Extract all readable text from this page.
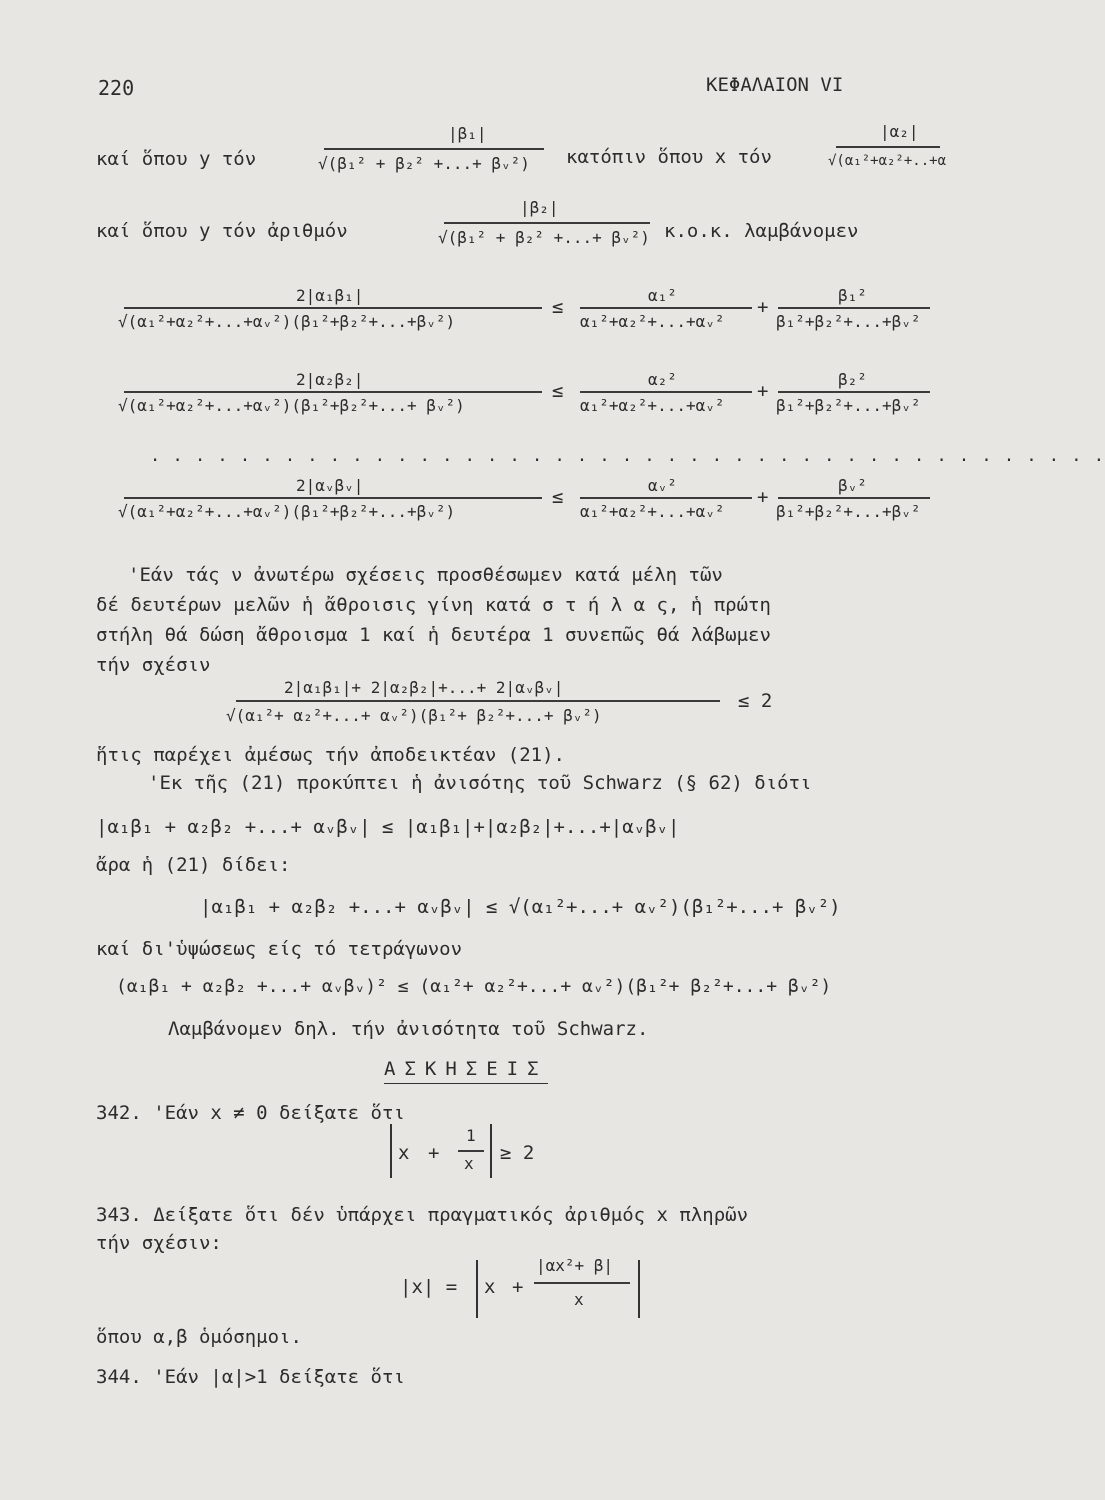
220	ΚΕΦΑΛΑΙΟΝ VI
καί ὅπου y τόν
|β₁|
√(β₁² + β₂² +...+ βᵥ²) κατόπιν ὅπου x τόν
|α₂|
√(α₁²+α₂²+..+α
καί ὅπου y τόν ἀριθμόν
|β₂|
√(β₁² + β₂² +...+ βᵥ²) κ.ο.κ. λαμβάνομεν
2|α₁β₁|
√(α₁²+α₂²+...+αᵥ²)(β₁²+β₂²+...+βᵥ²)
≤
α₁²
α₁²+α₂²+...+αᵥ²
+
β₁²
β₁²+β₂²+...+βᵥ²
2|α₂β₂|
√(α₁²+α₂²+...+αᵥ²)(β₁²+β₂²+...+ βᵥ²)
≤
α₂²
α₁²+α₂²+...+αᵥ²
+
β₂²
β₁²+β₂²+...+βᵥ²
. . . . . . . . . . . . . . . . . . . . . . . . . . . . . . . . . . . . . . . . . . .
2|αᵥβᵥ|
√(α₁²+α₂²+...+αᵥ²)(β₁²+β₂²+...+βᵥ²)
≤
αᵥ²
α₁²+α₂²+...+αᵥ²
+
βᵥ²
β₁²+β₂²+...+βᵥ²
'Εάν τάς ν ἀνωτέρω σχέσεις προσθέσωμεν κατά μέλη τῶν
δέ δευτέρων μελῶν ἡ ἄθροισις γίνη κατά σ τ ή λ α ς, ἡ πρώτη
στήλη θά δώση ἄθροισμα 1 καί ἡ δευτέρα 1 συνεπῶς θά λάβωμεν
τήν σχέσιν
2|α₁β₁|+ 2|α₂β₂|+...+ 2|αᵥβᵥ|
√(α₁²+ α₂²+...+ αᵥ²)(β₁²+ β₂²+...+ βᵥ²)
≤ 2
ἥτις παρέχει ἀμέσως τήν ἀποδεικτέαν (21).
'Εκ τῆς (21) προκύπτει ἡ ἀνισότης τοῦ Schwarz (§ 62) διότι
|α₁β₁ + α₂β₂ +...+ αᵥβᵥ| ≤ |α₁β₁|+|α₂β₂|+...+|αᵥβᵥ|
ἄρα ἡ (21) δίδει:
|α₁β₁ + α₂β₂ +...+ αᵥβᵥ| ≤ √(α₁²+...+ αᵥ²)(β₁²+...+ βᵥ²)
καί δι'ὑψώσεως είς τό τετράγωνον
(α₁β₁ + α₂β₂ +...+ αᵥβᵥ)² ≤ (α₁²+ α₂²+...+ αᵥ²)(β₁²+ β₂²+...+ βᵥ²)
Λαμβάνομεν δηλ. τήν ἀνισότητα τοῦ Schwarz.
ΑΣΚΗΣΕΙΣ
342. 'Εάν x ≠ 0 δείξατε ὅτι
x +
1
x ≥ 2
343. Δείξατε ὅτι δέν ὑπάρχει πραγματικός ἀριθμός x πληρῶν
τήν σχέσιν:
|x| = x +
|αx²+ β|
x
ὅπου α,β ὁμόσημοι.
344. 'Εάν |α|>1 δείξατε ὅτι
